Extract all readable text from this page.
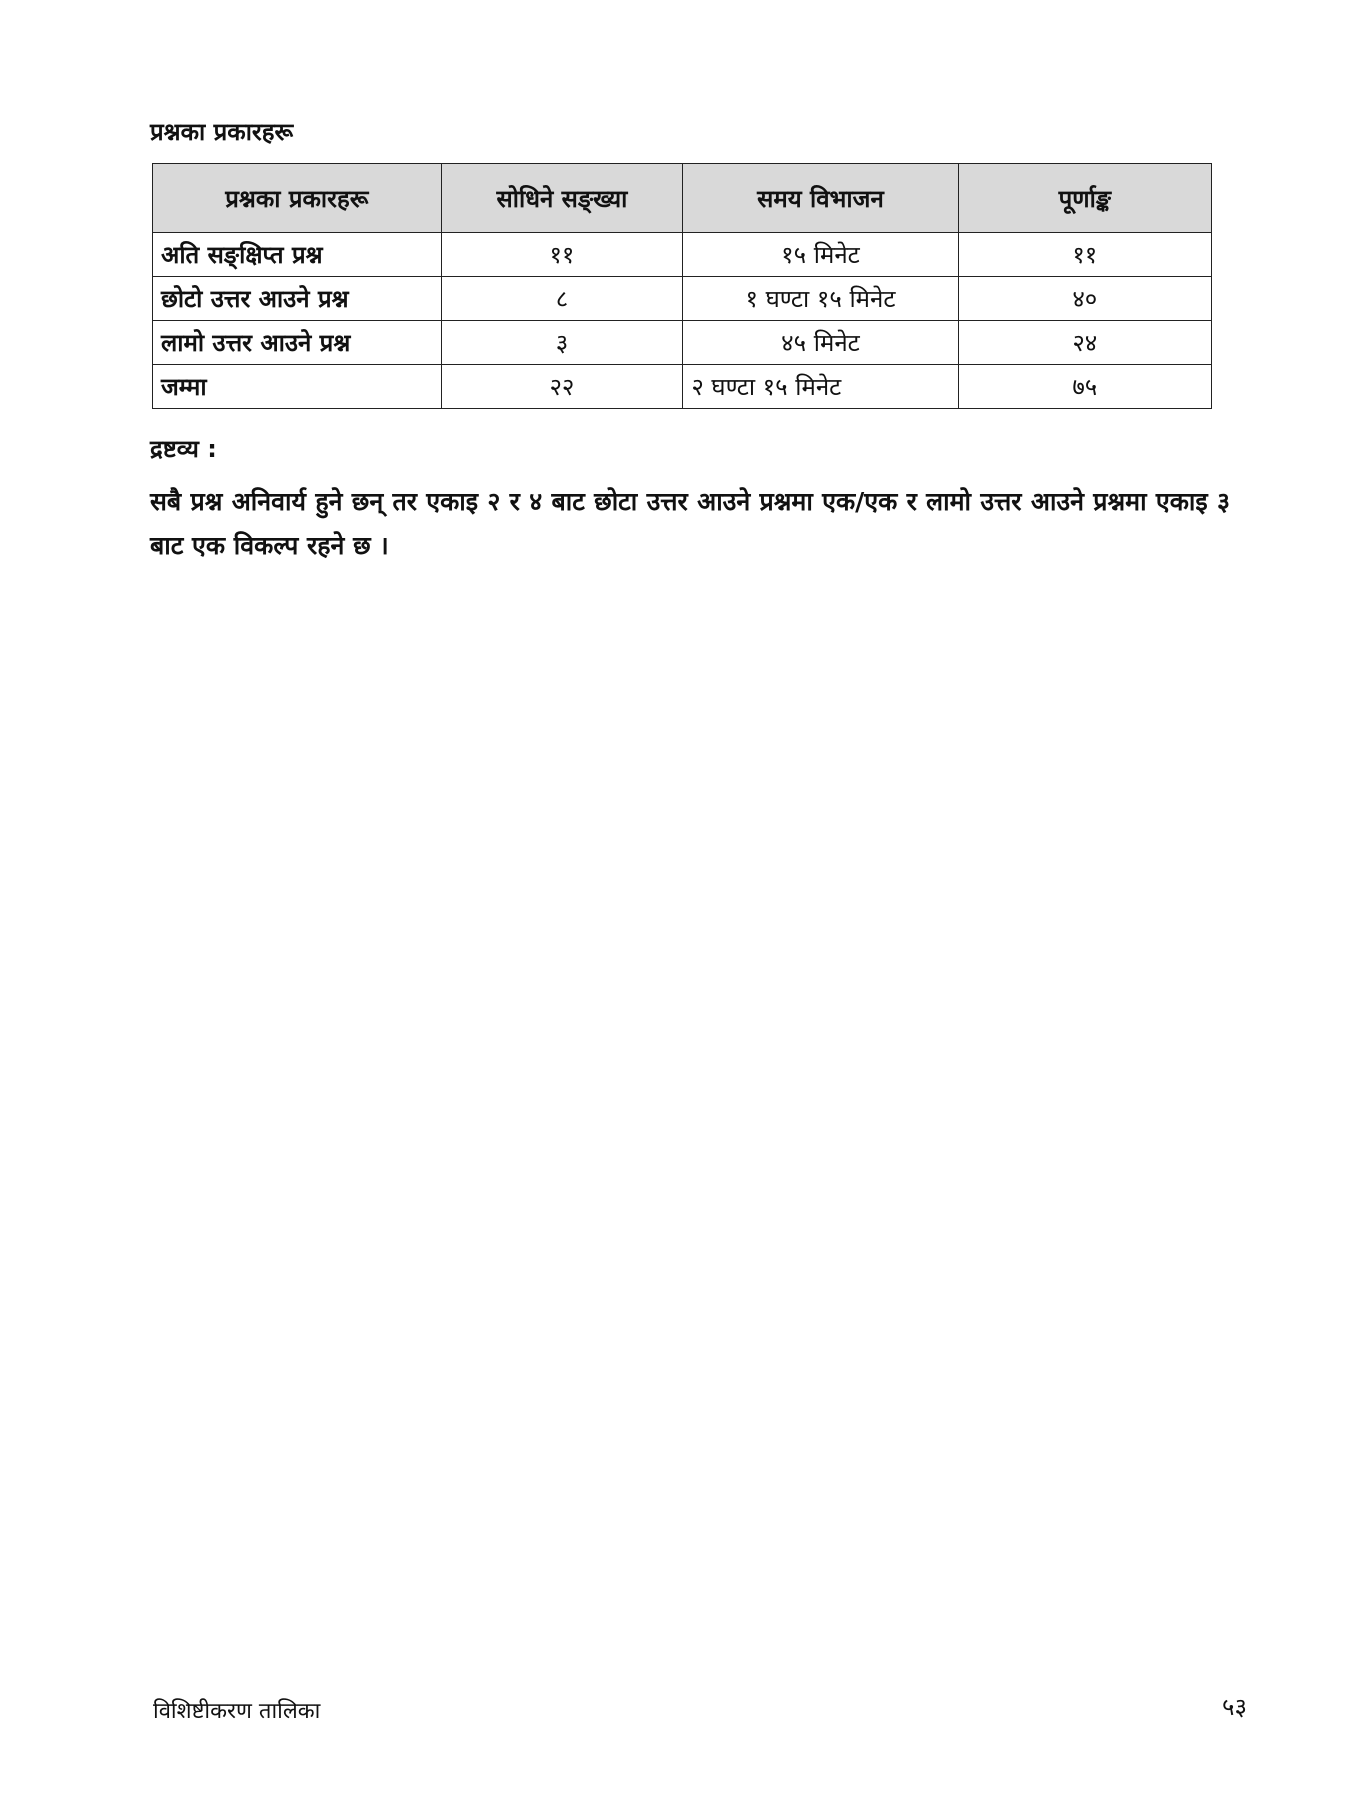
प्रश्नका प्रकारहरू
प्रश्नका प्रकारहरू	सोधिने सङ्ख्या	समय विभाजन	पूर्णाङ्क
अति सङ्क्षिप्त प्रश्न	११	१५ मिनेट	११
छोटो उत्तर आउने प्रश्न	८	१ घण्टा १५ मिनेट	४०
लामो उत्तर आउने प्रश्न	३	४५ मिनेट	२४
जम्मा	२२	२ घण्टा १५ मिनेट	७५
द्रष्टव्य :
सबै प्रश्न अनिवार्य हुने छन् तर एकाइ २ र ४ बाट छोटा उत्तर आउने प्रश्नमा एक/एक र लामो उत्तर आउने प्रश्नमा एकाइ ३ बाट एक विकल्प रहने छ ।
विशिष्टीकरण तालिका	५३
